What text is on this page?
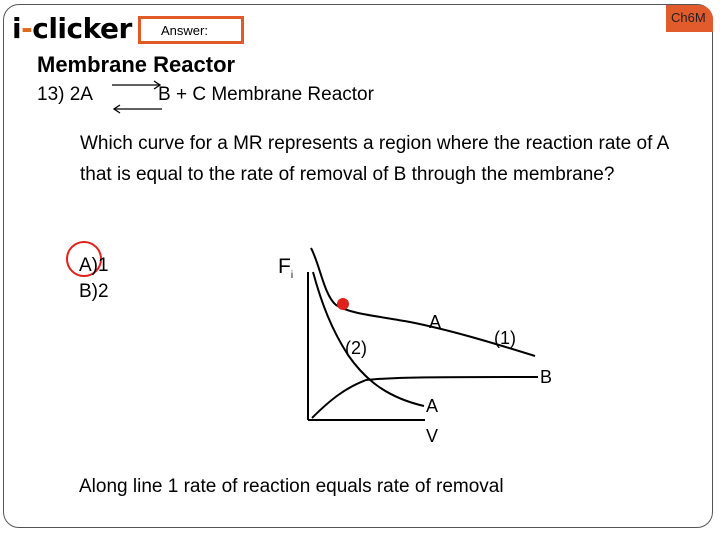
i-clicker Answer:
Ch6M
Membrane Reactor
13) 2A	B + C Membrane Reactor
Which curve for a MR represents a region where the reaction rate of A that is equal to the rate of removal of B through the membrane?
A)1
B)2
$F_i$
V
A
(1)
(2)
B
A
Along line 1 rate of reaction equals rate of removal
